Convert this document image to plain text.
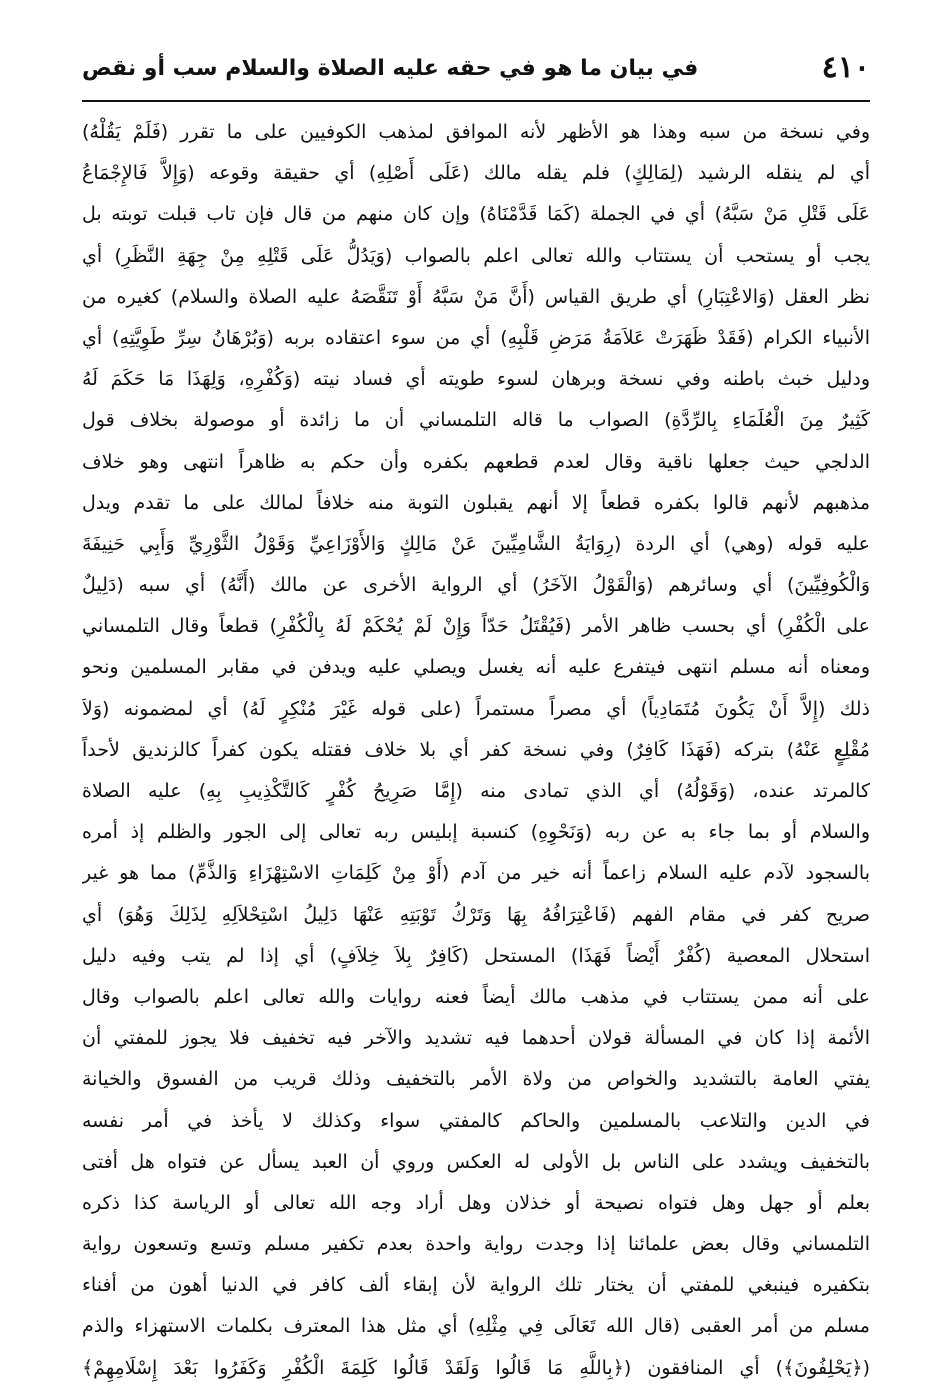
٤١٠
في بيان ما هو في حقه عليه الصلاة والسلام سب أو نقص
وفي نسخة من سبه وهذا هو الأظهر لأنه الموافق لمذهب الكوفيين على ما تقرر (فَلَمْ يَقُلْهُ)
أي لم ينقله الرشيد (لِمَالِكٍ) فلم يقله مالك (عَلَى أَصْلِهِ) أي حقيقة وقوعه (وَإِلاَّ فَالإِجْمَاعُ
عَلَى قَتْلِ مَنْ سَبَّهُ) أي في الجملة (كَمَا قَدَّمْنَاهُ) وإن كان منهم من قال فإن تاب قبلت توبته بل
يجب أو يستحب أن يستتاب والله تعالى اعلم بالصواب (وَيَدُلُّ عَلَى قَتْلِهِ مِنْ جِهَةِ النَّظَرِ) أي
نظر العقل (وَالاعْتِبَارِ) أي طريق القياس (أَنَّ مَنْ سَبَّهُ أَوْ تَنَقَّصَهُ عليه الصلاة والسلام) كغيره من
الأنبياء الكرام (فَقَدْ ظَهَرَتْ عَلاَمَةُ مَرَضِ قَلْبِهِ) أي من سوء اعتقاده بربه (وَبُرْهَانُ سِرِّ طَوِيَّتِهِ) أي
ودليل خبث باطنه وفي نسخة وبرهان لسوء طويته أي فساد نيته (وَكُفْرِهِ، وَلِهَذَا مَا حَكَمَ لَهُ
كَثِيرٌ مِنَ الْعُلَمَاءِ بِالرِّدَّةِ) الصواب ما قاله التلمساني أن ما زائدة أو موصولة بخلاف قول
الدلجي حيث جعلها ناقية وقال لعدم قطعهم بكفره وأن حكم به ظاهراً انتهى وهو خلاف
مذهبهم لأنهم قالوا بكفره قطعاً إلا أنهم يقبلون التوبة منه خلافاً لمالك على ما تقدم ويدل
عليه قوله (وهي) أي الردة (رِوَايَةُ الشَّامِيِّينَ عَنْ مَالِكٍ وَالأَوْزَاعِيِّ وَقَوْلُ الثَّوْرِيِّ وَأَبِي حَنِيفَةَ
وَالْكُوفِيِّينَ) أي وسائرهم (وَالْقَوْلُ الآخَرُ) أي الرواية الأخرى عن مالك (أَنَّهُ) أي سبه (دَلِيلٌ
على الْكُفْرِ) أي بحسب ظاهر الأمر (فَيُقْتَلُ حَدّاً وَإِنْ لَمْ يُحْكَمْ لَهُ بِالْكُفْرِ) قطعاً وقال التلمساني
ومعناه أنه مسلم انتهى فيتفرع عليه أنه يغسل ويصلي عليه ويدفن في مقابر المسلمين ونحو
ذلك (إِلاَّ أَنْ يَكُونَ مُتَمَادِياً) أي مصراً مستمراً (على قوله غَيْرَ مُنْكِرٍ لَهُ) أي لمضمونه (وَلاَ
مُقْلِعٍ عَنْهُ) بتركه (فَهَذَا كَافِرٌ) وفي نسخة كفر أي بلا خلاف فقتله يكون كفراً كالزنديق لأحداً
كالمرتد عنده، (وَقَوْلُهُ) أي الذي تمادى منه (إِمَّا صَرِيحُ كُفْرٍ كَالتَّكْذِيبِ بِهِ) عليه الصلاة
والسلام أو بما جاء به عن ربه (وَنَحْوِهِ) كنسبة إبليس ربه تعالى إلى الجور والظلم إذ أمره
بالسجود لآدم عليه السلام زاعماً أنه خير من آدم (أَوْ مِنْ كَلِمَاتِ الاسْتِهْزَاءِ وَالذَّمِّ) مما هو غير
صريح كفر في مقام الفهم (فَاعْتِرَافُهُ بِهَا وَتَرْكُ تَوْبَتِهِ عَنْهَا دَلِيلُ اسْتِحْلاَلِهِ لِذَلِكَ وَهُوَ) أي
استحلال المعصية (كُفْرٌ أَيْضاً فَهَذَا) المستحل (كَافِرٌ بِلاَ خِلاَفٍ) أي إذا لم يتب وفيه دليل
على أنه ممن يستتاب في مذهب مالك أيضاً فعنه روايات والله تعالى اعلم بالصواب وقال
الأئمة إذا كان في المسألة قولان أحدهما فيه تشديد والآخر فيه تخفيف فلا يجوز للمفتي أن
يفتي العامة بالتشديد والخواص من ولاة الأمر بالتخفيف وذلك قريب من الفسوق والخيانة
في الدين والتلاعب بالمسلمين والحاكم كالمفتي سواء وكذلك لا يأخذ في أمر نفسه
بالتخفيف ويشدد على الناس بل الأولى له العكس وروي أن العبد يسأل عن فتواه هل أفتى
بعلم أو جهل وهل فتواه نصيحة أو خذلان وهل أراد وجه الله تعالى أو الرياسة كذا ذكره
التلمساني وقال بعض علمائنا إذا وجدت رواية واحدة بعدم تكفير مسلم وتسع وتسعون رواية
بتكفيره فينبغي للمفتي أن يختار تلك الرواية لأن إبقاء ألف كافر في الدنيا أهون من أفناء
مسلم من أمر العقبى (قال الله تَعَالَى فِي مِثْلِهِ) أي مثل هذا المعترف بكلمات الاستهزاء والذم
(﴿يَحْلِفُونَ﴾) أي المنافقون (﴿بِاللَّهِ مَا قَالُوا وَلَقَدْ قَالُوا كَلِمَةَ الْكُفْرِ وَكَفَرُوا بَعْدَ إِسْلَامِهِمْ﴾
